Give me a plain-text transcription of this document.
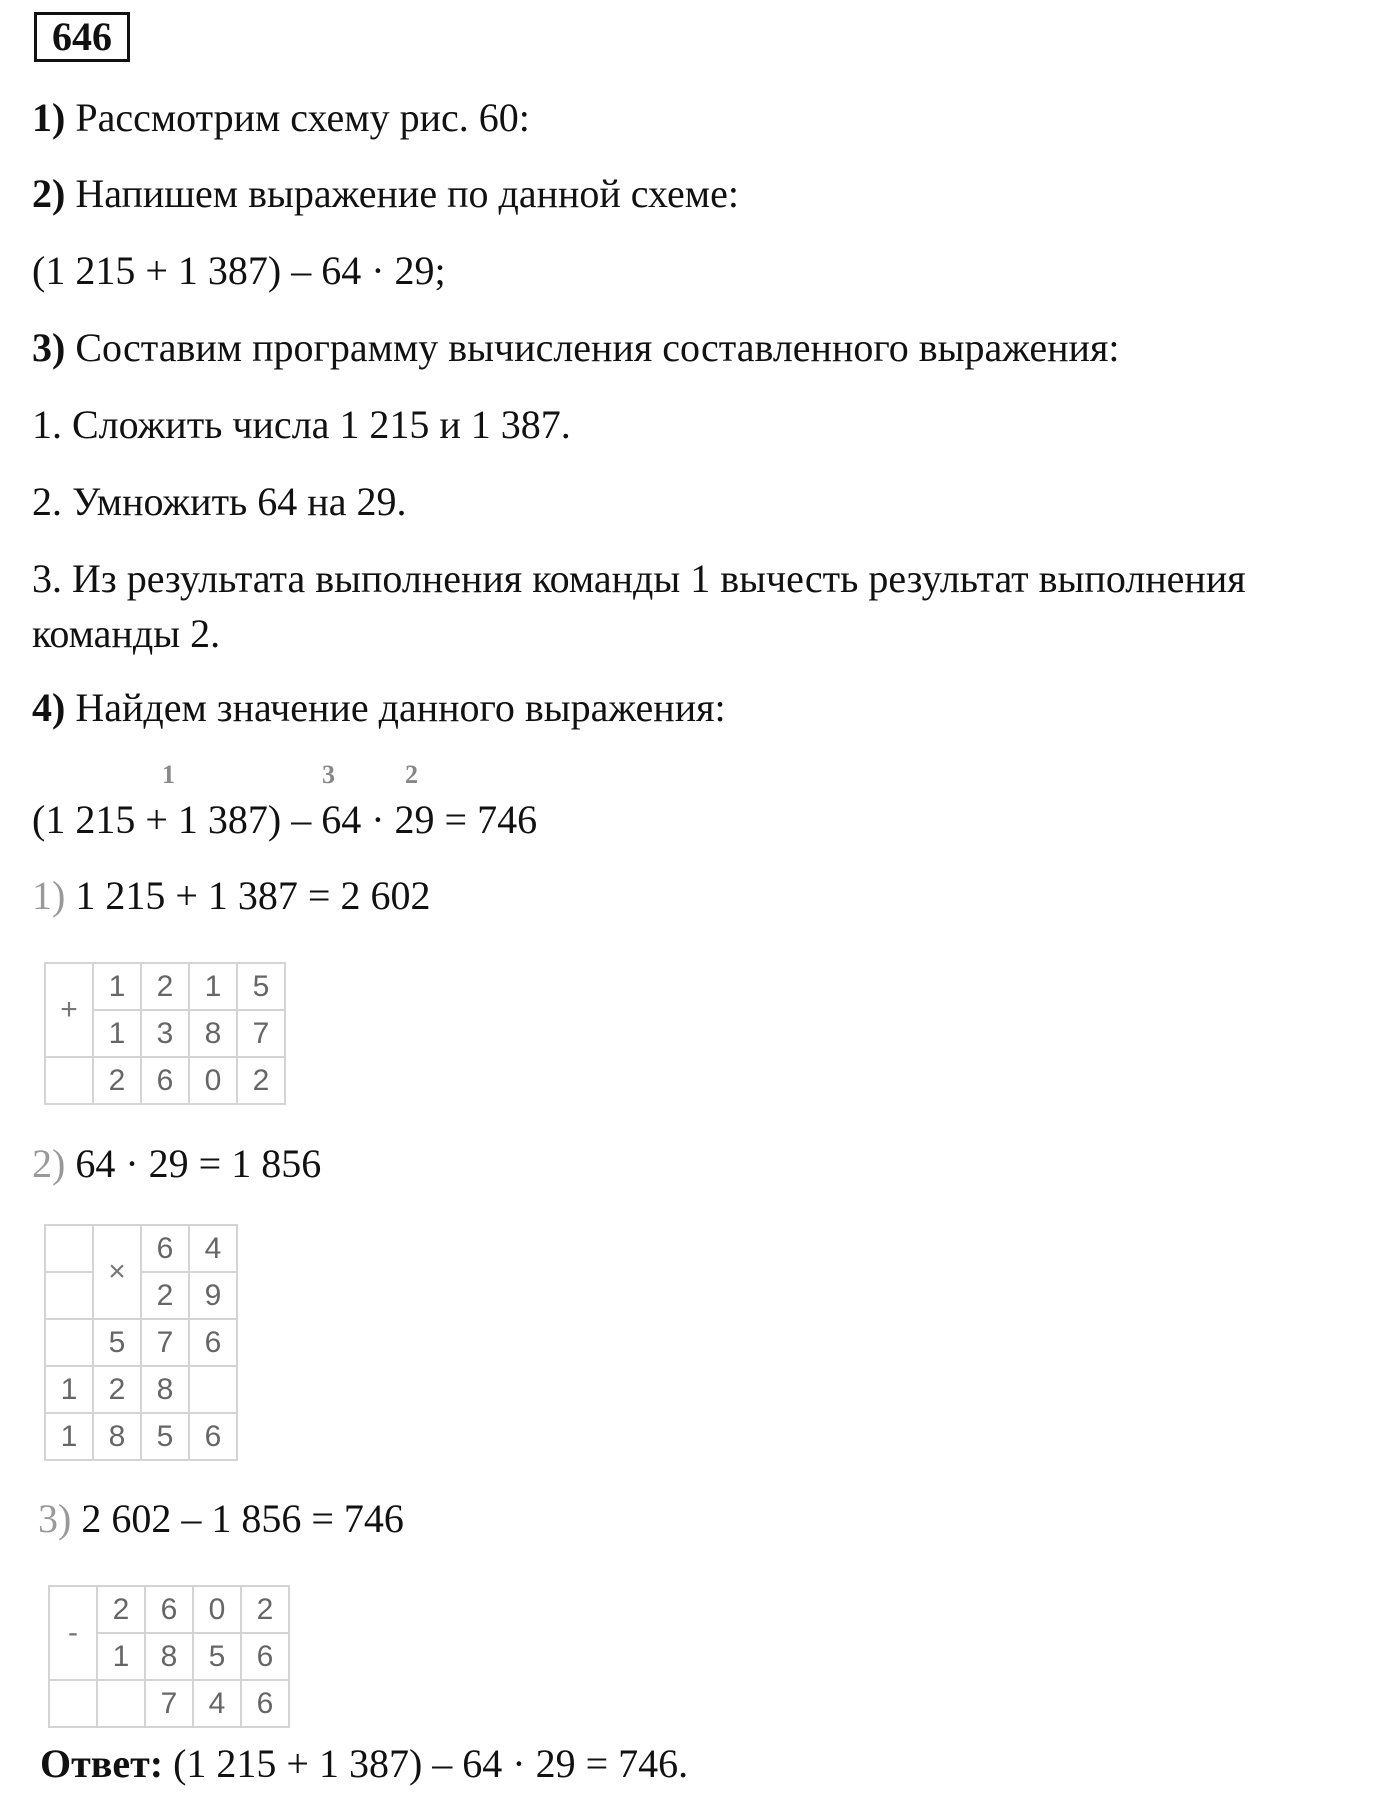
646
1) Рассмотрим схему рис. 60:
2) Напишем выражение по данной схеме:
(1 215 + 1 387) – 64 · 29;
3) Составим программу вычисления составленного выражения:
1. Сложить числа 1 215 и 1 387.
2. Умножить 64 на 29.
3. Из результата выполнения команды 1 вычесть результат выполнения
команды 2.
4) Найдем значение данного выражения:
1	3	2
(1 215 + 1 387) – 64 · 29 = 746
1) 1 215 + 1 387 = 2 602
+	1	2	1	5
	1	3	8	7
	2	6	0	2
2) 64 · 29 = 1 856
	×	6	4
		2	9
	5	7	6
1	2	8	
1	8	5	6
3) 2 602 – 1 856 = 746
-	2	6	0	2
	1	8	5	6
		7	4	6
Ответ: (1 215 + 1 387) – 64 · 29 = 746.
